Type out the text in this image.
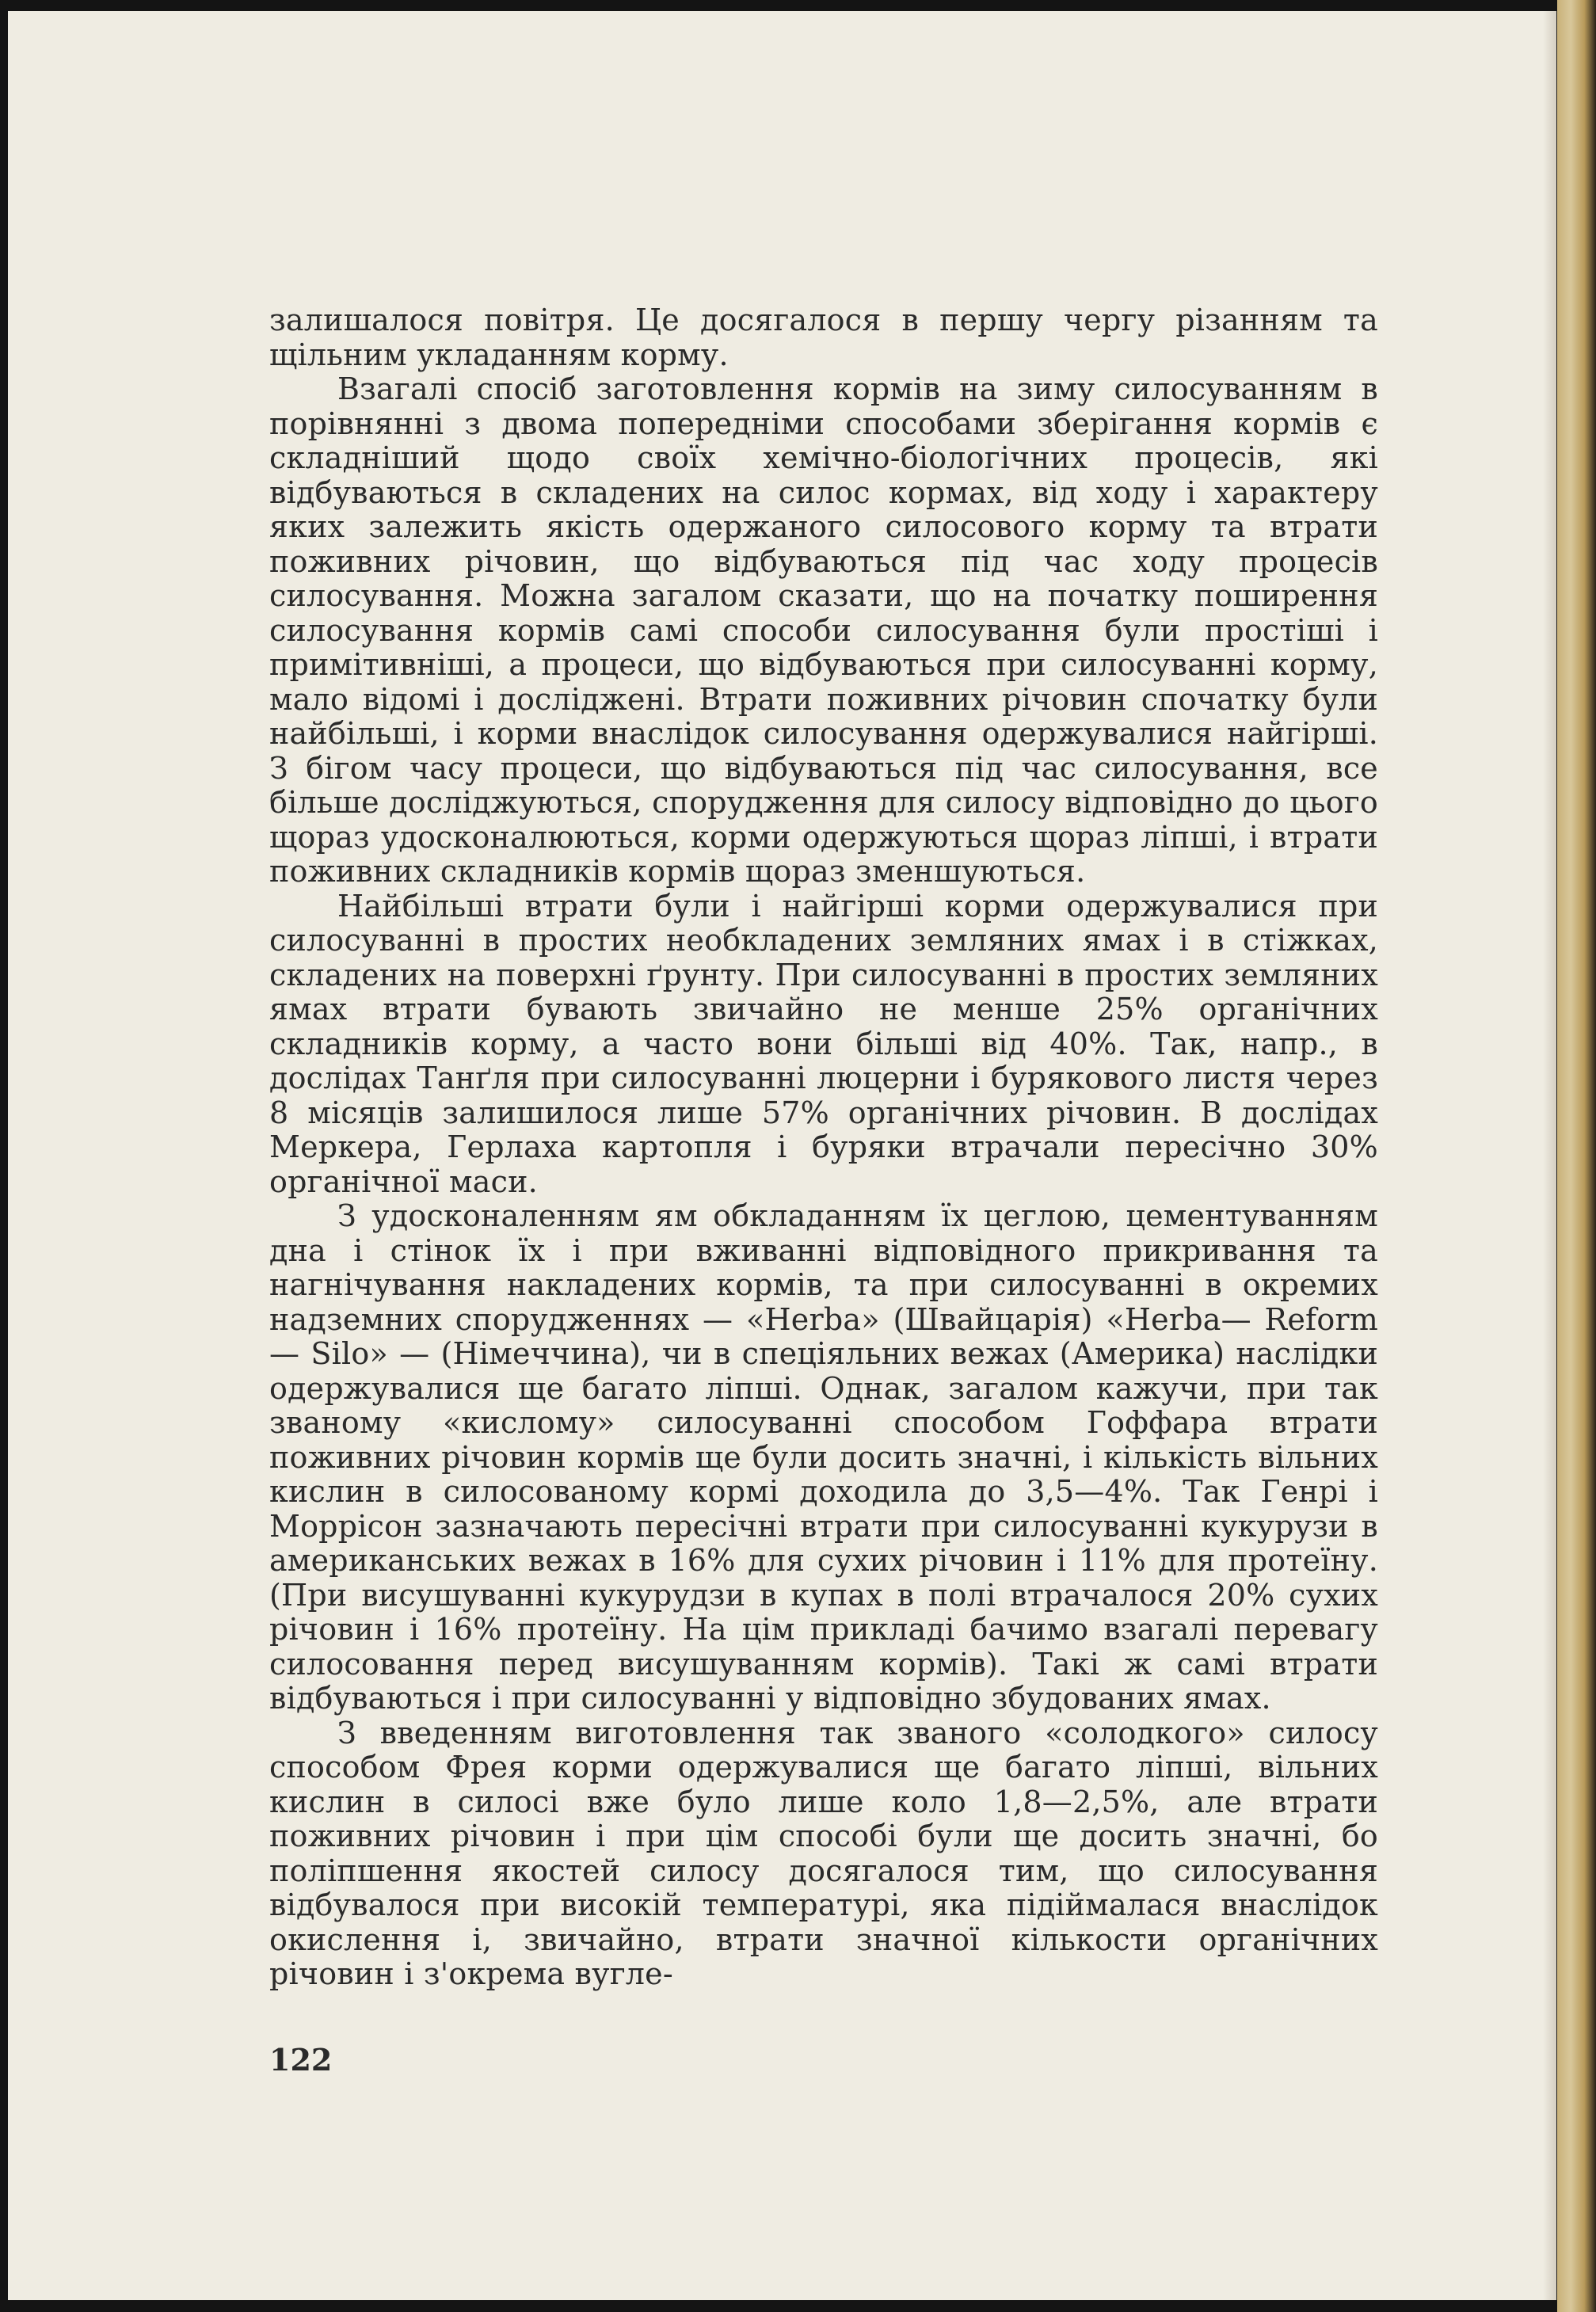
залишалося повітря. Це досягалося в першу чергу різанням та щільним укладанням корму.

Взагалі спосіб заготовлення кормів на зиму силосуванням в порівнянні з двома попередніми способами зберігання кормів є складніший щодо своїх хемічно-біологічних процесів, які відбуваються в складених на силос кормах, від ходу і характеру яких залежить якість одержаного силосового корму та втрати поживних річовин, що відбуваються під час ходу процесів силосування. Можна загалом сказати, що на початку поширення силосування кормів самі способи силосування були простіші і примітивніші, а процеси, що відбуваються при силосуванні корму, мало відомі і досліджені. Втрати поживних річовин спочатку були найбільші, і корми внаслідок силосування одержувалися найгірші. З бігом часу процеси, що відбуваються під час силосування, все більше досліджуються, спорудження для силосу відповідно до цього щораз удосконалюються, корми одержуються щораз ліпші, і втрати поживних складників кормів щораз зменшуються.

Найбільші втрати були і найгірші корми одержувалися при силосуванні в простих необкладених земляних ямах і в стіжках, складених на поверхні ґрунту. При силосуванні в простих земляних ямах втрати бувають звичайно не менше 25% органічних складників корму, а часто вони більші від 40%. Так, напр., в дослідах Танґля при силосуванні люцерни і бурякового листя через 8 місяців залишилося лише 57% органічних річовин. В дослідах Меркера, Герлаха картопля і буряки втрачали пересічно 30% органічної маси.

З удосконаленням ям обкладанням їх цеглою, цементуванням дна і стінок їх і при вживанні відповідного прикривання та нагнічування накладених кормів, та при силосуванні в окремих надземних спорудженнях — «Herba» (Швайцарія) «Herba— Reform — Silo» — (Німеччина), чи в спеціяльних вежах (Америка) наслідки одержувалися ще багато ліпші. Однак, загалом кажучи, при так званому «кислому» силосуванні способом Гоффара втрати поживних річовин кормів ще були досить значні, і кількість вільних кислин в силосованому кормі доходила до 3,5—4%. Так Генрі і Моррісон зазначають пересічні втрати при силосуванні кукурузи в американських вежах в 16% для сухих річовин і 11% для протеїну. (При висушуванні кукурудзи в купах в полі втрачалося 20% сухих річовин і 16% протеїну. На цім прикладі бачимо взагалі перевагу силосовання перед висушуванням кормів). Такі ж самі втрати відбуваються і при силосуванні у відповідно збудованих ямах.

З введенням виготовлення так званого «солодкого» силосу способом Фрея корми одержувалися ще багато ліпші, вільних кислин в силосі вже було лише коло 1,8—2,5%, але втрати поживних річовин і при цім способі були ще досить значні, бо поліпшення якостей силосу досягалося тим, що силосування відбувалося при високій температурі, яка підіймалася внаслідок окислення і, звичайно, втрати значної кількости органічних річовин і з'окрема вугле-

122
